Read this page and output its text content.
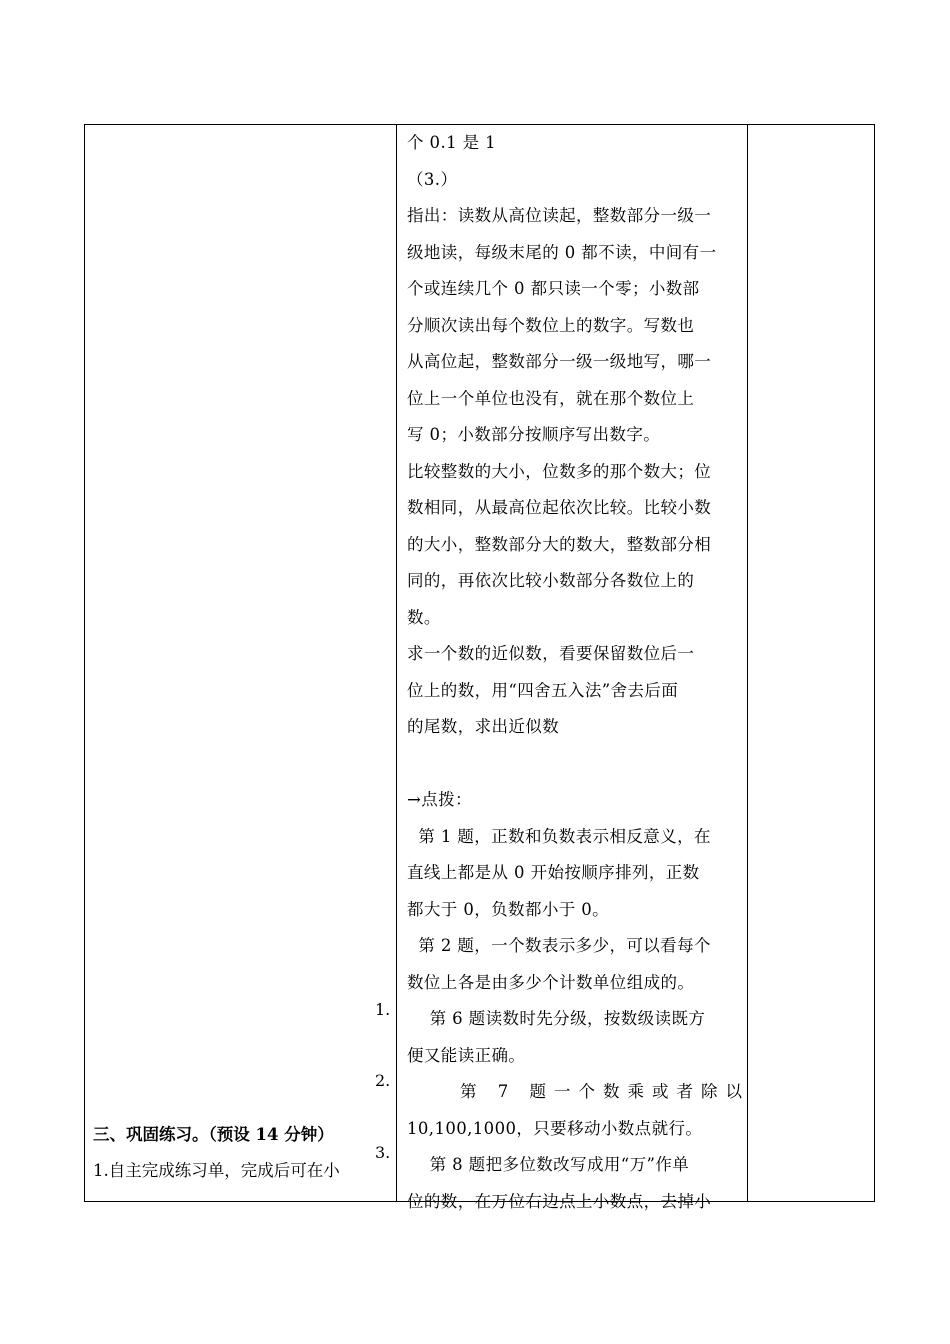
个 0.1 是 1
（3.）
指出：读数从高位读起，整数部分一级一
级地读，每级末尾的 0 都不读，中间有一
个或连续几个 0 都只读一个零；小数部
分顺次读出每个数位上的数字。写数也
从高位起，整数部分一级一级地写，哪一
位上一个单位也没有，就在那个数位上
写 0；小数部分按顺序写出数字。
比较整数的大小，位数多的那个数大；位
数相同，从最高位起依次比较。比较小数
的大小，整数部分大的数大，整数部分相
同的，再依次比较小数部分各数位上的
数。
求一个数的近似数，看要保留数位后一
位上的数，用“四舍五入法”舍去后面
的尾数，求出近似数

→点拨：
第 1 题，正数和负数表示相反意义，在
直线上都是从 0 开始按顺序排列，正数
都大于 0，负数都小于 0。
第 2 题，一个数表示多少，可以看每个
数位上各是由多少个计数单位组成的。
第 6 题读数时先分级，按数级读既方
便又能读正确。
第 7 题一个数乘或者除以
10,100,1000，只要移动小数点就行。
第 8 题把多位数改写成用“万”作单
位的数，在万位右边点上小数点，去掉小
1.
2.
3.
三、巩固练习。（预设 14 分钟）
1.自主完成练习单，完成后可在小
